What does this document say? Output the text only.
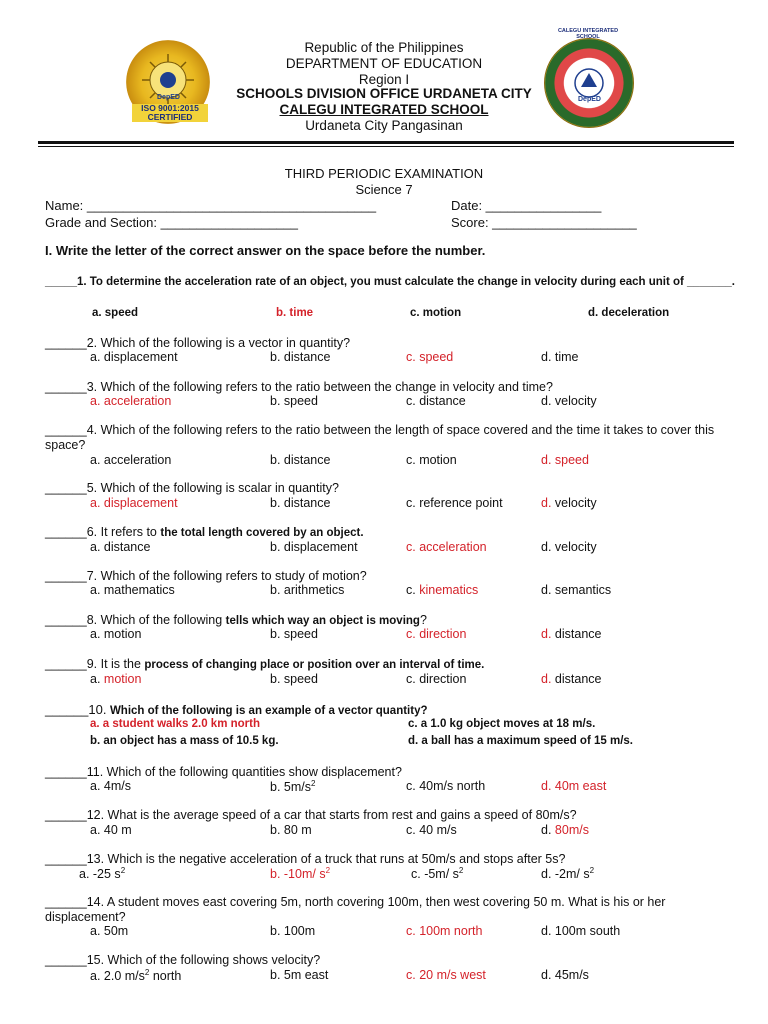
DepED
ISO 9001:2015 CERTIFIED
DepED
CALEGU INTEGRATED SCHOOL
Republic of the Philippines
DEPARTMENT OF EDUCATION
Region I
SCHOOLS DIVISION OFFICE URDANETA CITY
CALEGU INTEGRATED SCHOOL
Urdaneta City Pangasinan
THIRD PERIODIC EXAMINATION
Science 7
Name: ________________________________________	Date: ________________
Grade and Section: ___________________	Score: ____________________
I. Write the letter of the correct answer on the space before the number.
_____1. To determine the acceleration rate of an object, you must calculate the change in velocity during each unit of _______.
a. speed	b. time	c. motion	d. deceleration
______2. Which of the following is a vector in quantity?
a. displacement	b. distance	c. speed	d. time
______3. Which of the following refers to the ratio between the change in velocity and time?
a. acceleration	b. speed	c. distance	d. velocity
______4. Which of the following refers to the ratio between the length of space covered and the time it takes to cover this space?
a. acceleration	b. distance	c. motion	d. speed
______5. Which of the following is scalar in quantity?
a. displacement	b. distance	c. reference point	d. velocity
______6. It refers to the total length covered by an object.
a. distance	b. displacement	c. acceleration	d. velocity
______7. Which of the following refers to study of motion?
a. mathematics	b. arithmetics	c. kinematics	d. semantics
______8. Which of the following tells which way an object is moving?
a. motion	b. speed	c. direction	d. distance
______9. It is the process of changing place or position over an interval of time.
a. motion	b. speed	c. direction	d. distance
______10. Which of the following is an example of a vector quantity?
a. a student walks 2.0 km north	c. a 1.0 kg object moves at 18 m/s.
b. an object has a mass of 10.5 kg.	d. a ball has a maximum speed of 15 m/s.
______11. Which of the following quantities show displacement?
a. 4m/s	b. $5m/s^2$	c. 40m/s north	d. 40m east
______12. What is the average speed of a car that starts from rest and gains a speed of 80m/s?
a. 40 m	b. 80 m	c. 40 m/s	d. 80m/s
______13. Which is the negative acceleration of a truck that runs at 50m/s and stops after 5s?
a. -25 $s^2$	b. -10m/ $s^2$	c. -5m/ $s^2$	d. -2m/ $s^2$
______14. A student moves east covering 5m, north covering 100m, then west covering 50 m. What is his or her displacement?
a. 50m	b. 100m	c. 100m north	d. 100m south
______15. Which of the following shows velocity?
a. 2.0 $m/s^2$ north	b. 5m east	c. 20 m/s west	d. 45m/s
